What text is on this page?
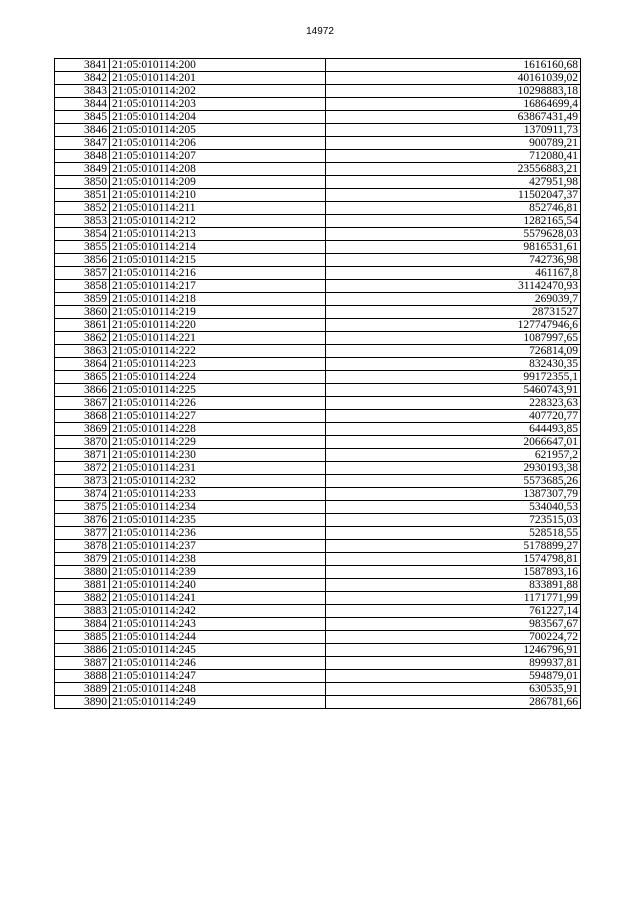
14972
3841	21:05:010114:200	1616160,68
3842	21:05:010114:201	40161039,02
3843	21:05:010114:202	10298883,18
3844	21:05:010114:203	16864699,4
3845	21:05:010114:204	63867431,49
3846	21:05:010114:205	1370911,73
3847	21:05:010114:206	900789,21
3848	21:05:010114:207	712080,41
3849	21:05:010114:208	23556883,21
3850	21:05:010114:209	427951,98
3851	21:05:010114:210	11502047,37
3852	21:05:010114:211	852746,81
3853	21:05:010114:212	1282165,54
3854	21:05:010114:213	5579628,03
3855	21:05:010114:214	9816531,61
3856	21:05:010114:215	742736,98
3857	21:05:010114:216	461167,8
3858	21:05:010114:217	31142470,93
3859	21:05:010114:218	269039,7
3860	21:05:010114:219	28731527
3861	21:05:010114:220	127747946,6
3862	21:05:010114:221	1087997,65
3863	21:05:010114:222	726814,09
3864	21:05:010114:223	832430,35
3865	21:05:010114:224	99172355,1
3866	21:05:010114:225	5460743,91
3867	21:05:010114:226	228323,63
3868	21:05:010114:227	407720,77
3869	21:05:010114:228	644493,85
3870	21:05:010114:229	2066647,01
3871	21:05:010114:230	621957,2
3872	21:05:010114:231	2930193,38
3873	21:05:010114:232	5573685,26
3874	21:05:010114:233	1387307,79
3875	21:05:010114:234	534040,53
3876	21:05:010114:235	723515,03
3877	21:05:010114:236	528518,55
3878	21:05:010114:237	5178899,27
3879	21:05:010114:238	1574798,81
3880	21:05:010114:239	1587893,16
3881	21:05:010114:240	833891,88
3882	21:05:010114:241	1171771,99
3883	21:05:010114:242	761227,14
3884	21:05:010114:243	983567,67
3885	21:05:010114:244	700224,72
3886	21:05:010114:245	1246796,91
3887	21:05:010114:246	899937,81
3888	21:05:010114:247	594879,01
3889	21:05:010114:248	630535,91
3890	21:05:010114:249	286781,66
